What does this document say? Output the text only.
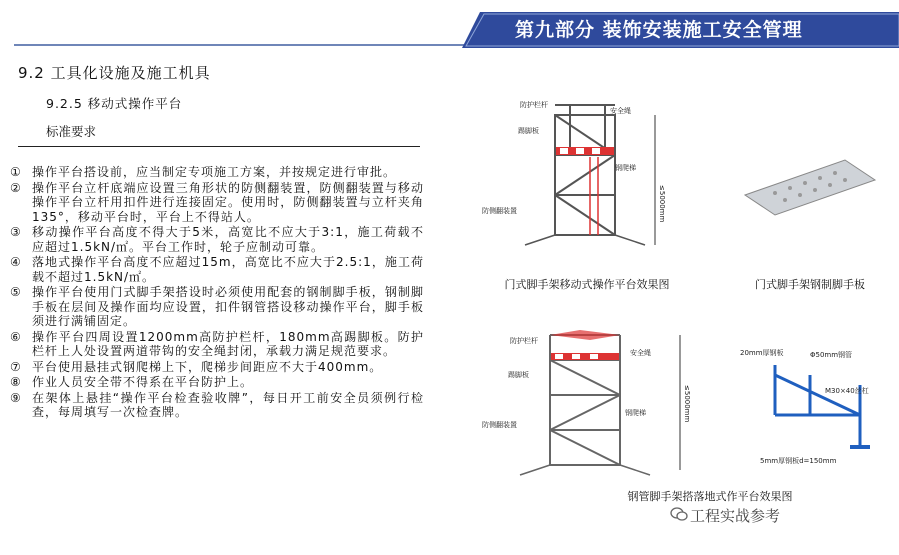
第九部分 装饰安装施工安全管理
9.2 工具化设施及施工机具
9.2.5 移动式操作平台
标准要求
① 操作平台搭设前，应当制定专项施工方案，并按规定进行审批。
② 操作平台立杆底端应设置三角形状的防侧翻装置，防侧翻装置与移动操作平台立杆用扣件进行连接固定。使用时，防侧翻装置与立杆夹角135°，移动平台时，平台上不得站人。
③ 移动操作平台高度不得大于5米，高宽比不应大于3:1，施工荷载不应超过1.5kN/㎡。平台工作时，轮子应制动可靠。
④ 落地式操作平台高度不应超过15m，高宽比不应大于2.5:1，施工荷载不超过1.5kN/㎡。
⑤ 操作平台使用门式脚手架搭设时必须使用配套的钢制脚手板，钢制脚手板在层间及操作面均应设置，扣件钢管搭设移动操作平台，脚手板须进行满铺固定。
⑥ 操作平台四周设置1200mm高防护栏杆，180mm高踢脚板。防护栏杆上人处设置两道带钩的安全绳封闭，承载力满足规范要求。
⑦ 平台使用悬挂式钢爬梯上下，爬梯步间距应不大于400mm。
⑧ 作业人员安全带不得系在平台防护上。
⑨ 在架体上悬挂“操作平台检查验收牌”，每日开工前安全员须例行检查，每周填写一次检查牌。
≤5000mm
防护栏杆
安全绳
踢脚板
钢爬梯
防侧翻装置
门式脚手架移动式操作平台效果图	门式脚手架钢制脚手板
≤5000mm
防护栏杆
安全绳
踢脚板
钢爬梯
防侧翻装置
钢管脚手架搭落地式作平台效果图
20mm厚钢板	Φ50mm钢管
M30×40丝杠
5mm厚钢板d=150mm
工程实战参考
